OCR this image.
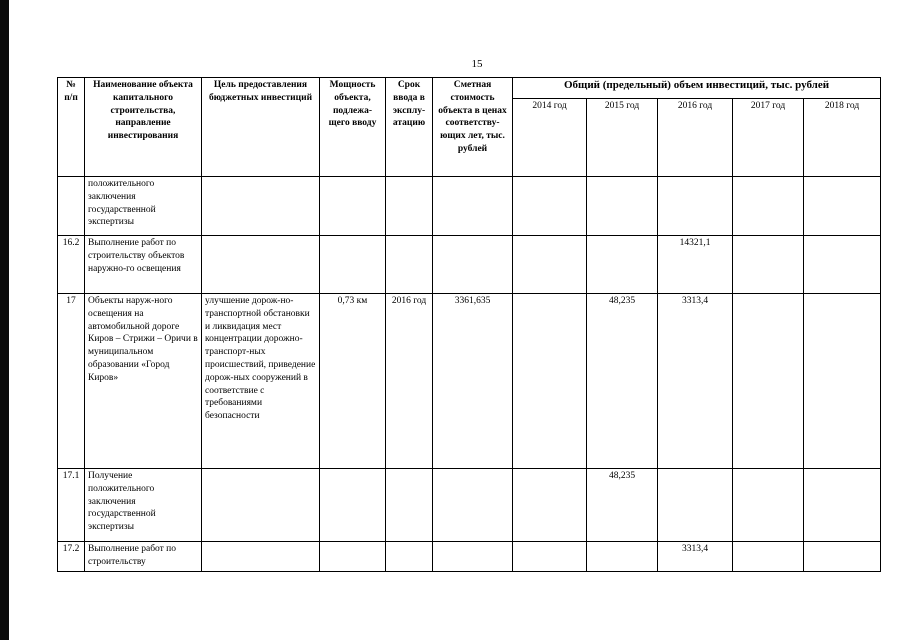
15
№ п/п	Наименование объекта капитального строительства, направление инвестирования	Цель предоставления бюджетных инвестиций	Мощность объекта, подлежа-щего вводу	Срок ввода в эксплу-атацию	Сметная стоимость объекта в ценах соответству-ющих лет, тыс. рублей	Общий (предельный) объем инвестиций, тыс. рублей				
						2014 год	2015 год	2016 год	2017 год	2018 год
	положительного заключения государственной экспертизы									
16.2	Выполнение работ по строительству объектов наружно-го освещения							14321,1		
17	Объекты наруж-ного освещения на автомобильной дороге Киров – Стрижи – Оричи в муниципальном образовании «Город Киров»	улучшение дорож-но-транспортной обстановки и ликвидация мест концентрации дорожно-транспорт-ных происшествий, приведение дорож-ных сооружений в соответствие с требованиями безопасности	0,73 км	2016 год	3361,635		48,235	3313,4		
17.1	Получение положительного заключения государственной экспертизы						48,235			
17.2	Выполнение работ по строительству							3313,4		
